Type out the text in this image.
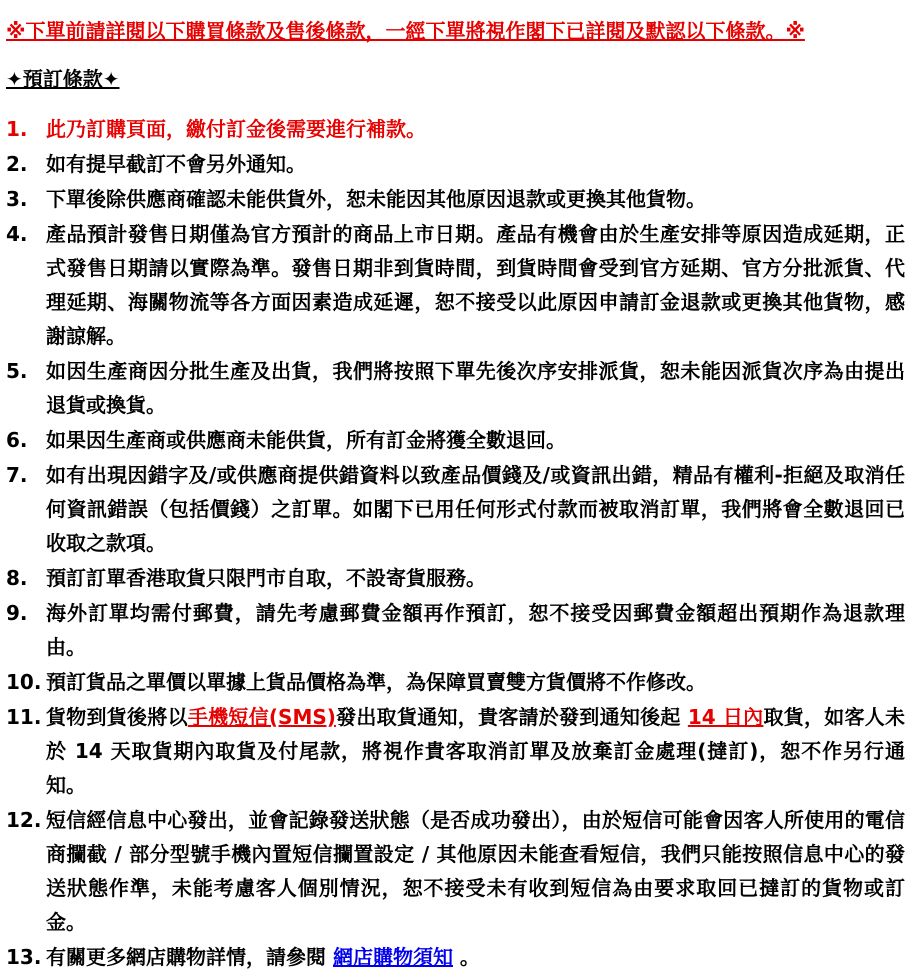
※下單前請詳閱以下購買條款及售後條款，一經下單將視作閣下已詳閱及默認以下條款。※
✦預訂條款✦
1. 此乃訂購頁面，繳付訂金後需要進行補款。
2. 如有提早截訂不會另外通知。
3. 下單後除供應商確認未能供貨外，恕未能因其他原因退款或更換其他貨物。
4. 產品預計發售日期僅為官方預計的商品上市日期。產品有機會由於生產安排等原因造成延期，正式發售日期請以實際為準。發售日期非到貨時間，到貨時間會受到官方延期、官方分批派貨、代理延期、海關物流等各方面因素造成延遲，恕不接受以此原因申請訂金退款或更換其他貨物，感謝諒解。
5. 如因生產商因分批生產及出貨，我們將按照下單先後次序安排派貨，恕未能因派貨次序為由提出退貨或換貨。
6. 如果因生產商或供應商未能供貨，所有訂金將獲全數退回。
7. 如有出現因錯字及/或供應商提供錯資料以致產品價錢及/或資訊出錯，精品有權利-拒絕及取消任何資訊錯誤（包括價錢）之訂單。如閣下已用任何形式付款而被取消訂單，我們將會全數退回已收取之款項。
8. 預訂訂單香港取貨只限門市自取，不設寄貨服務。
9. 海外訂單均需付郵費，請先考慮郵費金額再作預訂，恕不接受因郵費金額超出預期作為退款理由。
10. 預訂貨品之單價以單據上貨品價格為準，為保障買賣雙方貨價將不作修改。
11. 貨物到貨後將以手機短信(SMS)發出取貨通知，貴客請於發到通知後起 14 日內取貨，如客人未於 14 天取貨期內取貨及付尾款，將視作貴客取消訂單及放棄訂金處理(撻訂)，恕不作另行通知。
12. 短信經信息中心發出，並會記錄發送狀態（是否成功發出），由於短信可能會因客人所使用的電信商攔截 / 部分型號手機內置短信攔置設定 / 其他原因未能查看短信，我們只能按照信息中心的發送狀態作準，未能考慮客人個別情況，恕不接受未有收到短信為由要求取回已撻訂的貨物或訂金。
13. 有關更多網店購物詳情，請參閱 網店購物須知 。
